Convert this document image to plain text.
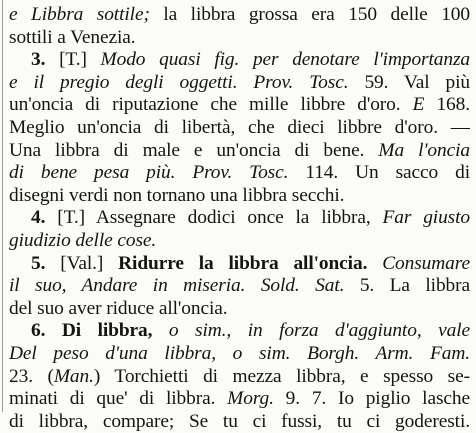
e Libbra sottile; la libbra grossa era 150 delle 100
sottili a Venezia.
3. [T.] Modo quasi fig. per denotare l'importanza
e il pregio degli oggetti. Prov. Tosc. 59. Val più
un'oncia di riputazione che mille libbre d'oro. E 168.
Meglio un'oncia di libertà, che dieci libbre d'oro. —
Una libbra di male e un'oncia di bene. Ma l'oncia
di bene pesa più. Prov. Tosc. 114. Un sacco di
disegni verdi non tornano una libbra secchi.
4. [T.] Assegnare dodici once la libbra, Far giusto
giudizio delle cose.
5. [Val.] Ridurre la libbra all'oncia. Consumare
il suo, Andare in miseria. Sold. Sat. 5. La libbra
del suo aver riduce all'oncia.
6. Di libbra, o sim., in forza d'aggiunto, vale
Del peso d'una libbra, o sim. Borgh. Arm. Fam.
23. (Man.) Torchietti di mezza libbra, e spesso se-
minati di que' di libbra. Morg. 9. 7. Io piglio lasche
di libbra, compare; Se tu ci fussi, tu ci goderesti.
